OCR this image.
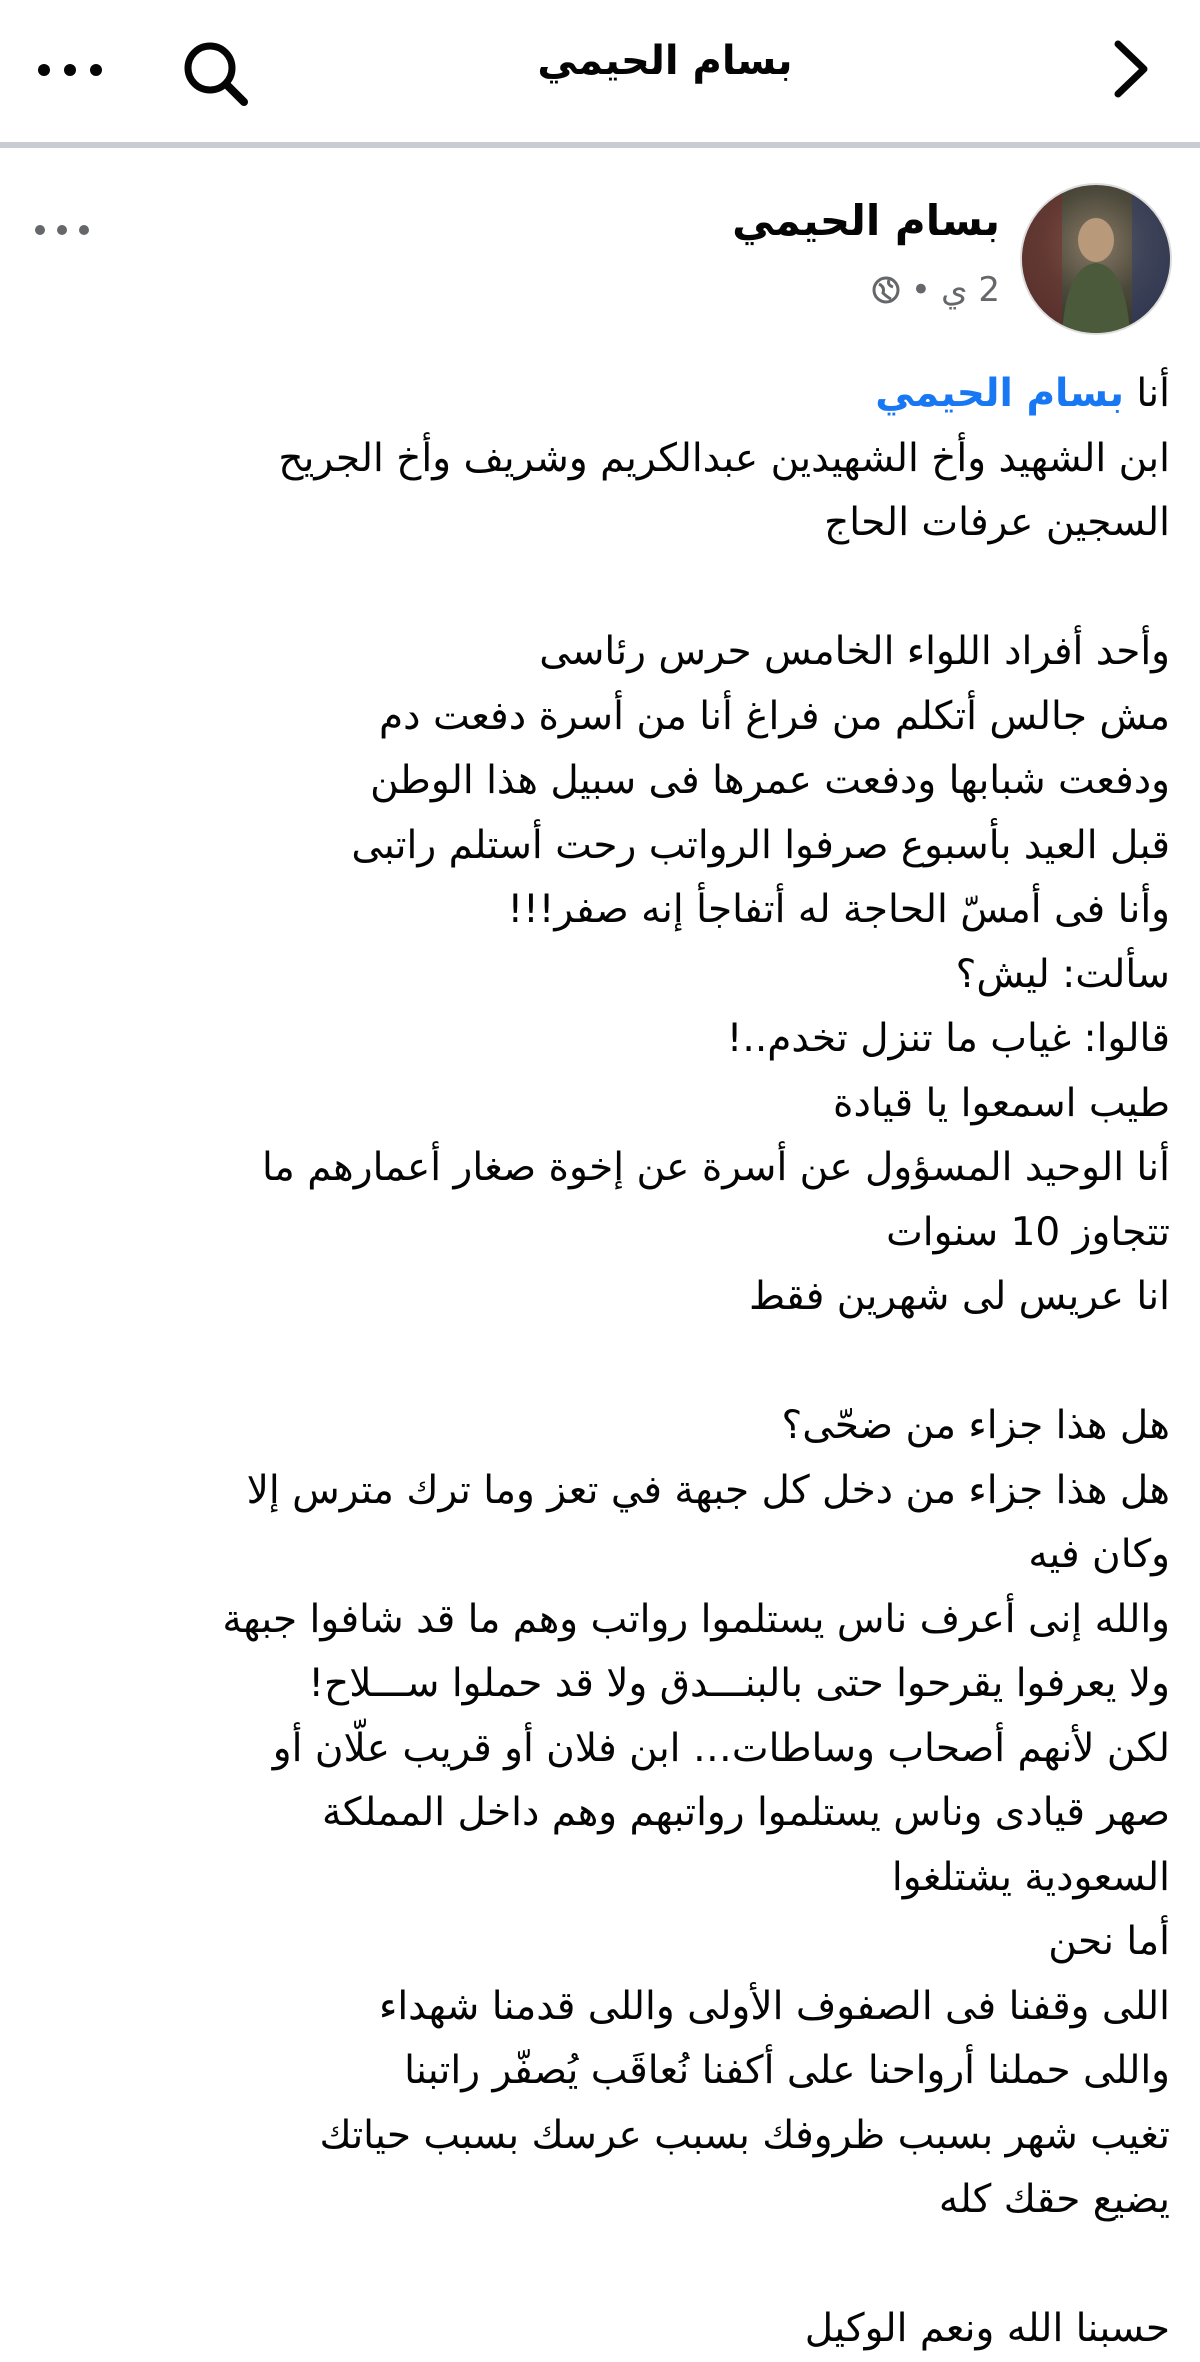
بسام الحيمي
بسام الحيمي
2 ي
•
أنا بسام الحيمي
ابن الشهيد وأخ الشهيدين عبدالكريم وشريف وأخ الجريح
السجين عرفات الحاج
وأحد أفراد اللواء الخامس حرس رئاسى
مش جالس أتكلم من فراغ أنا من أسرة دفعت دم
ودفعت شبابها ودفعت عمرها فى سبيل هذا الوطن
قبل العيد بأسبوع صرفوا الرواتب رحت أستلم راتبى
وأنا فى أمسّ الحاجة له أتفاجأ إنه صفر!!!
سألت: ليش؟
قالوا: غياب ما تنزل تخدم..!
طيب اسمعوا يا قيادة
أنا الوحيد المسؤول عن أسرة عن إخوة صغار أعمارهم ما
تتجاوز 10 سنوات
انا عريس لى شهرين فقط
هل هذا جزاء من ضحّى؟
هل هذا جزاء من دخل كل جبهة في تعز وما ترك مترس إلا
وكان فيه
والله إنى أعرف ناس يستلموا رواتب وهم ما قد شافوا جبهة
ولا يعرفوا يقرحوا حتى بالبنـــدق ولا قد حملوا ســـلاح!
لكن لأنهم أصحاب وساطات… ابن فلان أو قريب علّان أو
صهر قيادى وناس يستلموا رواتبهم وهم داخل المملكة
السعودية يشتلغوا
أما نحن
اللى وقفنا فى الصفوف الأولى واللى قدمنا شهداء
واللى حملنا أرواحنا على أكفنا نُعاقَب يُصفّر راتبنا
تغيب شهر بسبب ظروفك بسبب عرسك بسبب حياتك
يضيع حقك كله
حسبنا الله ونعم الوكيل
